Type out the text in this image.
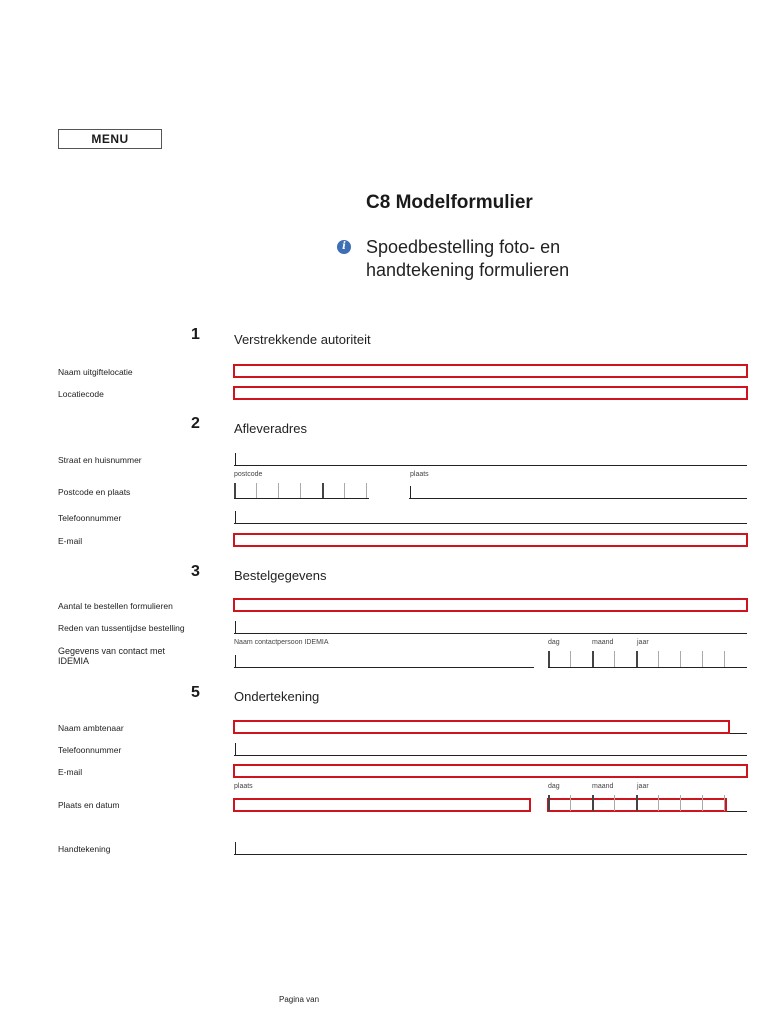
MENU
C8 Modelformulier
i Spoedbestelling foto- en handtekening formulieren
1	Verstrekkende autoriteit
Naam uitgiftelocatie
Locatiecode
2	Afleveradres
Straat en huisnummer
postcode	plaats
Postcode en plaats
Telefoonnummer
E-mail
3	Bestelgegevens
Aantal te bestellen formulieren
Reden van tussentijdse bestelling
Naam contactpersoon IDEMIA	dag	maand	jaar
Gegevens van contact met IDEMIA
5	Ondertekening
Naam ambtenaar
Telefoonnummer
E-mail
plaats	dag	maand	jaar
Plaats en datum
Handtekening
Pagina van
